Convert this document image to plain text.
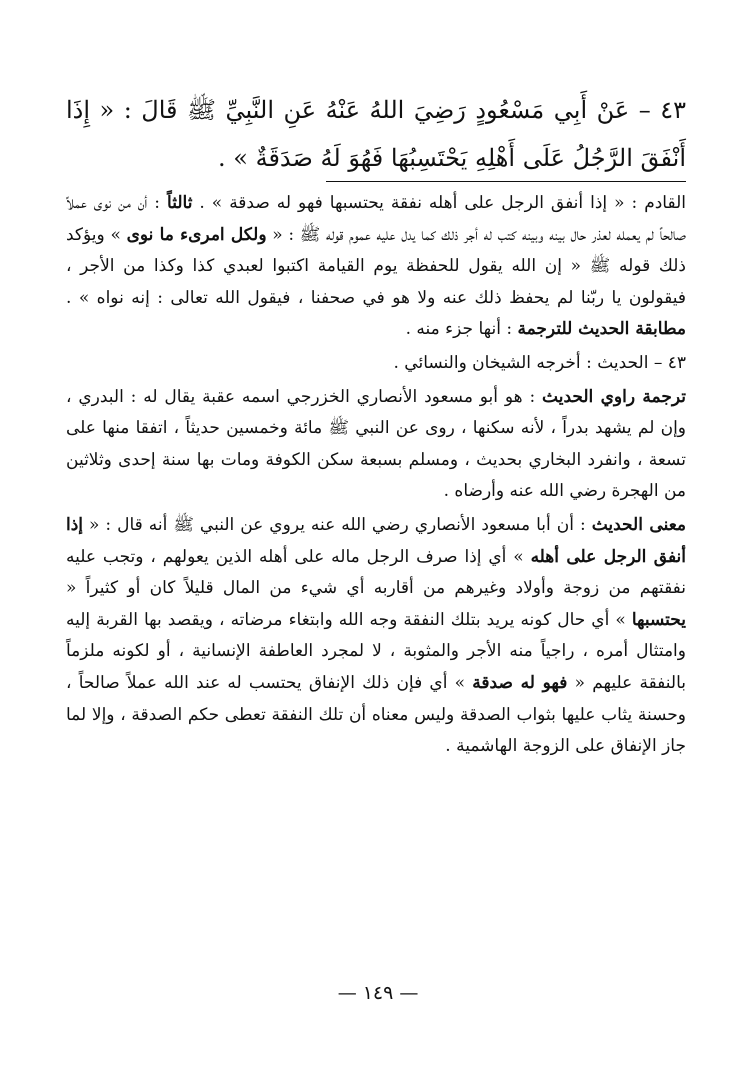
٤٣ – عَنْ أَبِي مَسْعُودٍ رَضِيَ اللهُ عَنْهُ عَنِ النَّبِيِّ ﷺ قَالَ : « إِذَا أَنْفَقَ الرَّجُلُ عَلَى أَهْلِهِ يَحْتَسِبُهَا فَهُوَ لَهُ صَدَقَةٌ » .

القادم : « إذا أنفق الرجل على أهله نفقة يحتسبها فهو له صدقة » . ثالثاً : أن من نوى عملاً صالحاً لم يعمله لعذر حال بينه وبينه كتب له أجر ذلك كما يدل عليه عموم قوله ﷺ : « ولكل امرىء ما نوى » ويؤكد ذلك قوله ﷺ « إن الله يقول للحفظة يوم القيامة اكتبوا لعبدي كذا وكذا من الأجر ، فيقولون يا ربّنا لم يحفظ ذلك عنه ولا هو في صحفنا ، فيقول الله تعالى : إنه نواه » . مطابقة الحديث للترجمة : أنها جزء منه .

٤٣ – الحديث : أخرجه الشيخان والنسائي .

ترجمة راوي الحديث : هو أبو مسعود الأنصاري الخزرجي اسمه عقبة يقال له : البدري ، وإن لم يشهد بدراً ، لأنه سكنها ، روى عن النبي ﷺ مائة وخمسين حديثاً ، اتفقا منها على تسعة ، وانفرد البخاري بحديث ، ومسلم بسبعة سكن الكوفة ومات بها سنة إحدى وثلاثين من الهجرة رضي الله عنه وأرضاه .

معنى الحديث : أن أبا مسعود الأنصاري رضي الله عنه يروي عن النبي ﷺ أنه قال : « إذا أنفق الرجل على أهله » أي إذا صرف الرجل ماله على أهله الذين يعولهم ، وتجب عليه نفقتهم من زوجة وأولاد وغيرهم من أقاربه أي شيء من المال قليلاً كان أو كثيراً « يحتسبها » أي حال كونه يريد بتلك النفقة وجه الله وابتغاء مرضاته ، ويقصد بها القربة إليه وامتثال أمره ، راجياً منه الأجر والمثوبة ، لا لمجرد العاطفة الإنسانية ، أو لكونه ملزماً بالنفقة عليهم « فهو له صدقة » أي فإن ذلك الإنفاق يحتسب له عند الله عملاً صالحاً ، وحسنة يثاب عليها بثواب الصدقة وليس معناه أن تلك النفقة تعطى حكم الصدقة ، وإلا لما جاز الإنفاق على الزوجة الهاشمية .

—١٤٩—
